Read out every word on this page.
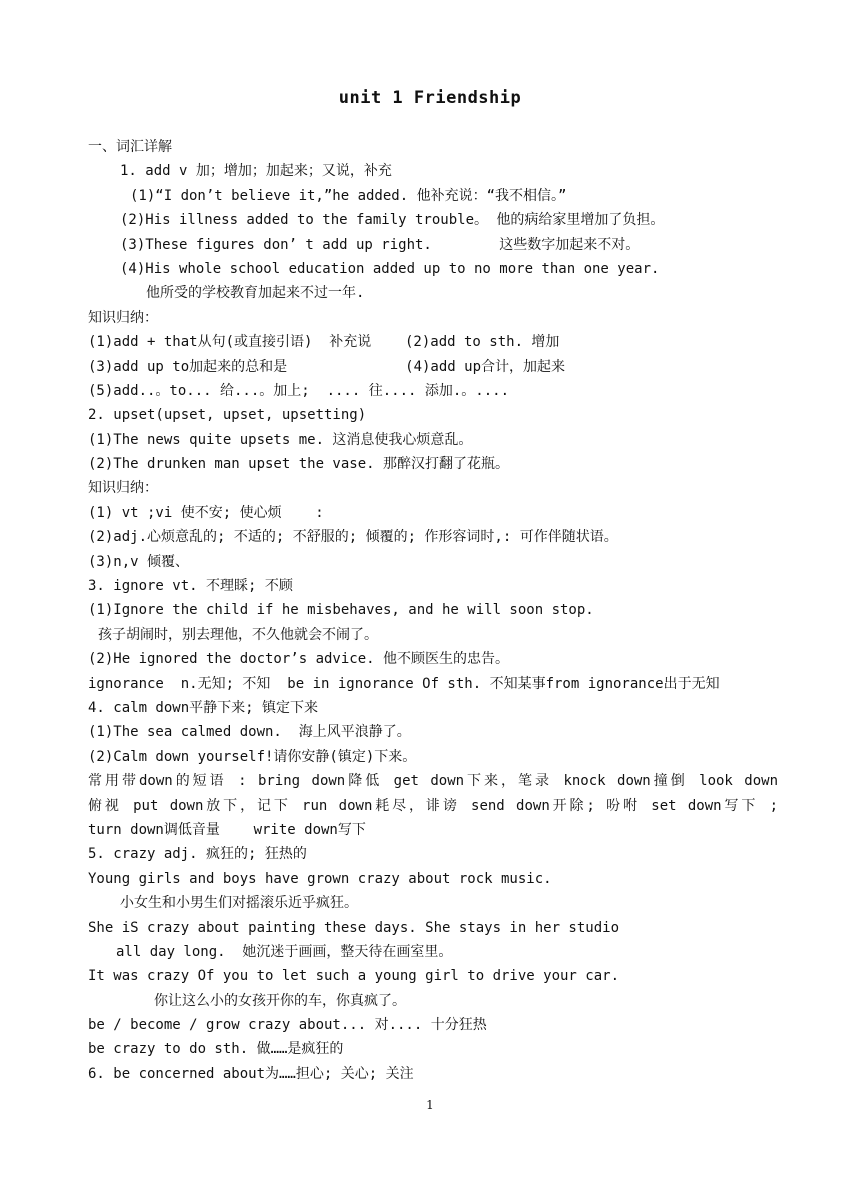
unit 1 Friendship
一、词汇详解
1. add v 加；增加；加起来；又说，补充
(1)“I don’t believe it,”he added. 他补充说：“我不相信。”
(2)His illness added to the family trouble。 他的病给家里增加了负担。
(3)These figures don’ t add up right.        这些数字加起来不对。
(4)His whole school education added up to no more than one year.
他所受的学校教育加起来不过一年.
知识归纳：
(1)add + that从句(或直接引语)  补充说    (2)add to sth. 增加
(3)add up to加起来的总和是              (4)add up合计，加起来
(5)add..。to... 给...。加上;  .... 往.... 添加.。....
2. upset(upset, upset, upsetting)
(1)The news quite upsets me. 这消息使我心烦意乱。
(2)The drunken man upset the vase. 那醉汉打翻了花瓶。
知识归纳：
(1) vt ;vi 使不安; 使心烦    :
(2)adj.心烦意乱的; 不适的; 不舒服的; 倾覆的; 作形容词时,: 可作伴随状语。
(3)n,v 倾覆、
3. ignore vt. 不理睬; 不顾
(1)Ignore the child if he misbehaves, and he will soon stop.
孩子胡闹时，别去理他，不久他就会不闹了。
(2)He ignored the doctor’s advice. 他不顾医生的忠告。
ignorance  n.无知; 不知  be in ignorance Of sth. 不知某事from ignorance出于无知
4. calm down平静下来; 镇定下来
(1)The sea calmed down.  海上风平浪静了。
(2)Calm down yourself!请你安静(镇定)下来。
常用带down的短语 : bring down降低 get down下来，笔录 knock down撞倒 look down
俯视 put down放下，记下 run down耗尽，诽谤 send down开除; 吩咐 set down写下 ;
turn down调低音量    write down写下
5. crazy adj. 疯狂的; 狂热的
Young girls and boys have grown crazy about rock music.
小女生和小男生们对摇滚乐近乎疯狂。
She iS crazy about painting these days. She stays in her studio
all day long.  她沉迷于画画，整天待在画室里。
It was crazy Of you to let such a young girl to drive your car.
你让这么小的女孩开你的车，你真疯了。
be / become / grow crazy about... 对.... 十分狂热
be crazy to do sth. 做……是疯狂的
6. be concerned about为……担心; 关心; 关注
1
